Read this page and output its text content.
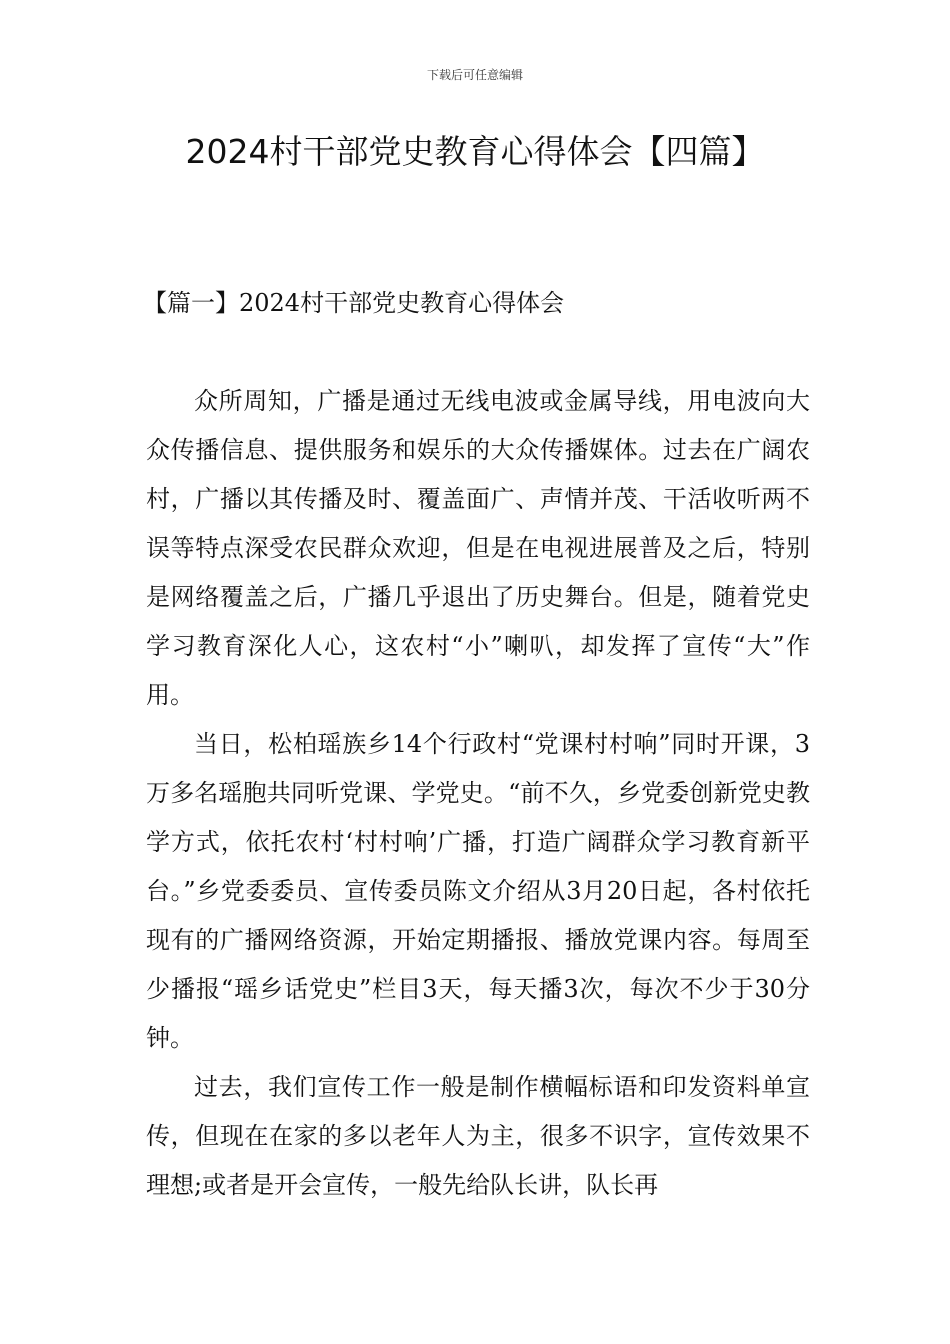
下载后可任意编辑
2024村干部党史教育心得体会【四篇】
【篇一】2024村干部党史教育心得体会

众所周知，广播是通过无线电波或金属导线，用电波向大众传播信息、提供服务和娱乐的大众传播媒体。过去在广阔农村，广播以其传播及时、覆盖面广、声情并茂、干活收听两不误等特点深受农民群众欢迎，但是在电视进展普及之后，特别是网络覆盖之后，广播几乎退出了历史舞台。但是，随着党史学习教育深化人心，这农村“小”喇叭，却发挥了宣传“大”作用。

当日，松柏瑶族乡14个行政村“党课村村响”同时开课，3万多名瑶胞共同听党课、学党史。“前不久，乡党委创新党史教学方式，依托农村‘村村响’广播，打造广阔群众学习教育新平台。”乡党委委员、宣传委员陈文介绍从3月20日起，各村依托现有的广播网络资源，开始定期播报、播放党课内容。每周至少播报“瑶乡话党史”栏目3天，每天播3次，每次不少于30分钟。

过去，我们宣传工作一般是制作横幅标语和印发资料单宣传，但现在在家的多以老年人为主，很多不识字，宣传效果不理想;或者是开会宣传，一般先给队长讲，队长再
